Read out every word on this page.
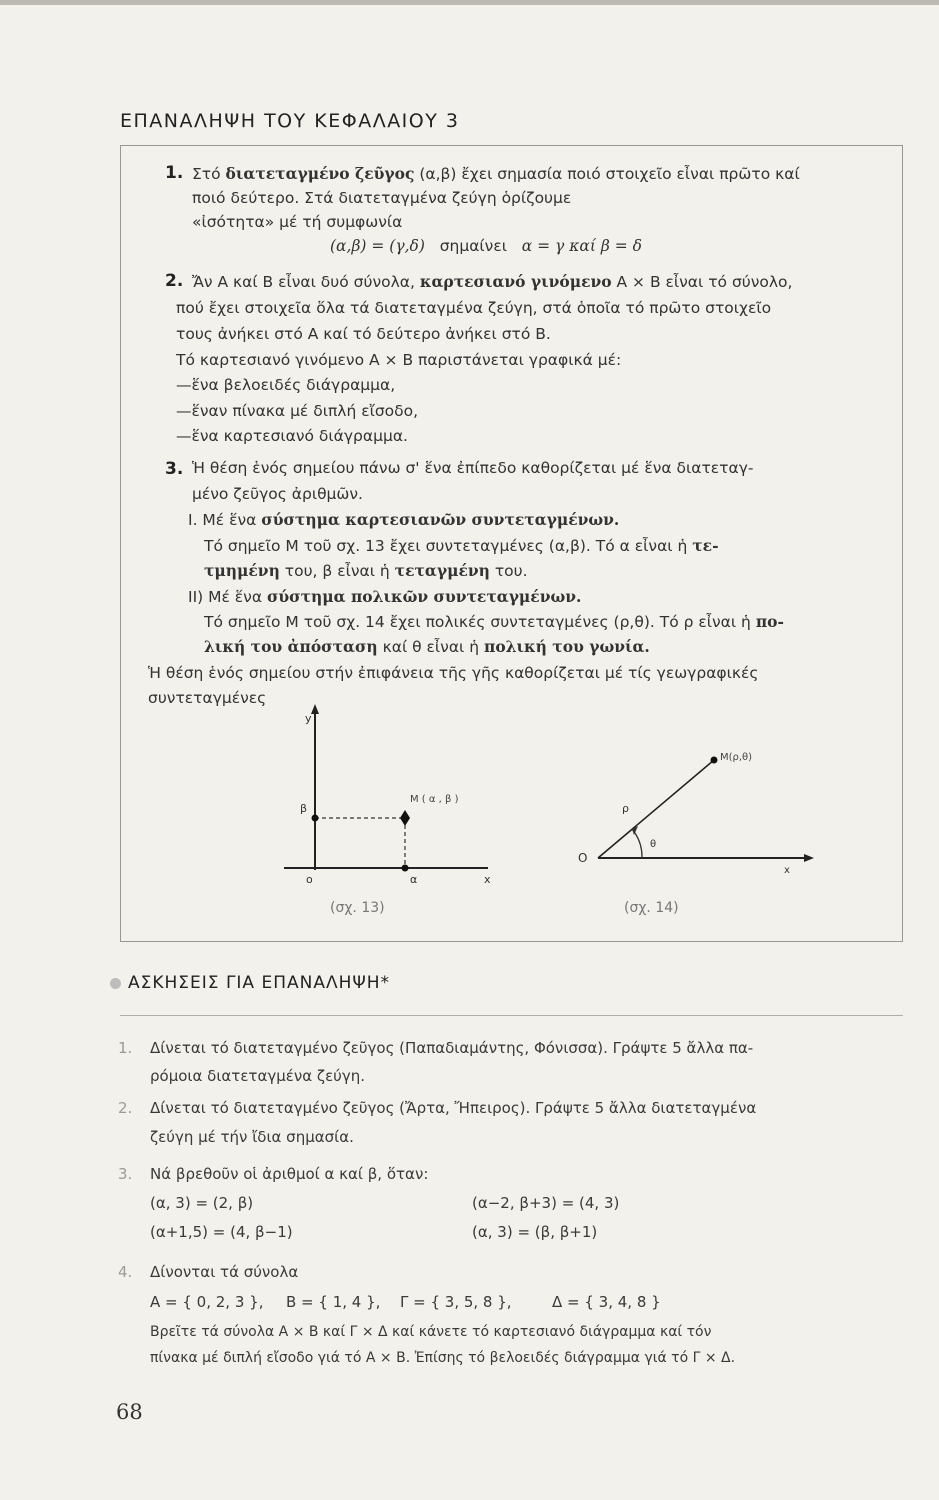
ΕΠΑΝΑΛΗΨΗ ΤΟΥ ΚΕΦΑΛΑΙΟΥ 3
1. Στό διατεταγμένο ζεῦγος (α,β) ἔχει σημασία ποιό στοιχεῖο εἶναι πρῶτο καί
ποιό δεύτερο. Στά διατεταγμένα ζεύγη ὁρίζουμε
«ἰσότητα» μέ τή συμφωνία
(α,β) = (γ,δ) σημαίνει α = γ καί β = δ
2. Ἄν Α καί Β εἶναι δυό σύνολα, καρτεσιανό γινόμενο Α × Β εἶναι τό σύνολο,
πού ἔχει στοιχεῖα ὅλα τά διατεταγμένα ζεύγη, στά ὁποῖα τό πρῶτο στοιχεῖο
τους ἀνήκει στό Α καί τό δεύτερο ἀνήκει στό Β.
Τό καρτεσιανό γινόμενο Α × Β παριστάνεται γραφικά μέ:
—ἕνα βελοειδές διάγραμμα,
—ἕναν πίνακα μέ διπλή εἴσοδο,
—ἕνα καρτεσιανό διάγραμμα.
3. Ἡ θέση ἑνός σημείου πάνω σ' ἕνα ἐπίπεδο καθορίζεται μέ ἕνα διατεταγ-
μένο ζεῦγος ἀριθμῶν.
Ι. Μέ ἕνα σύστημα καρτεσιανῶν συντεταγμένων.
Τό σημεῖο Μ τοῦ σχ. 13 ἔχει συντεταγμένες (α,β). Τό α εἶναι ἡ τε-
τμημένη του, β εἶναι ἡ τεταγμένη του.
ΙΙ) Μέ ἕνα σύστημα πολικῶν συντεταγμένων.
Τό σημεῖο Μ τοῦ σχ. 14 ἔχει πολικές συντεταγμένες (ρ,θ). Τό ρ εἶναι ἡ πο-
λική του ἀπόσταση καί θ εἶναι ἡ πολική του γωνία.
Ἡ θέση ἑνός σημείου στήν ἐπιφάνεια τῆς γῆς καθορίζεται μέ τίς γεωγραφικές
συντεταγμένες
y
x
o	α
β
Μ ( α , β )
(σχ. 13)
O
ρ
θ
x
Μ(ρ,θ)
(σχ. 14)
ΑΣΚΗΣΕΙΣ ΓΙΑ ΕΠΑΝΑΛΗΨΗ*
1. Δίνεται τό διατεταγμένο ζεῦγος (Παπαδιαμάντης, Φόνισσα). Γράψτε 5 ἄλλα πα-
ρόμοια διατεταγμένα ζεύγη.
2. Δίνεται τό διατεταγμένο ζεῦγος (Ἄρτα, Ἤπειρος). Γράψτε 5 ἄλλα διατεταγμένα
ζεύγη μέ τήν ἴδια σημασία.
3. Νά βρεθοῦν οἱ ἀριθμοί α καί β, ὅταν:
(α, 3) = (2, β)	(α−2, β+3) = (4, 3)
(α+1,5) = (4, β−1)	(α, 3) = (β, β+1)
4. Δίνονται τά σύνολα
Α = { 0, 2, 3 }, Β = { 1, 4 }, Γ = { 3, 5, 8 },	Δ = { 3, 4, 8 }
Βρεῖτε τά σύνολα Α × Β καί Γ × Δ καί κάνετε τό καρτεσιανό διάγραμμα καί τόν
πίνακα μέ διπλή εἴσοδο γιά τό Α × Β. Ἐπίσης τό βελοειδές διάγραμμα γιά τό Γ × Δ.
68
